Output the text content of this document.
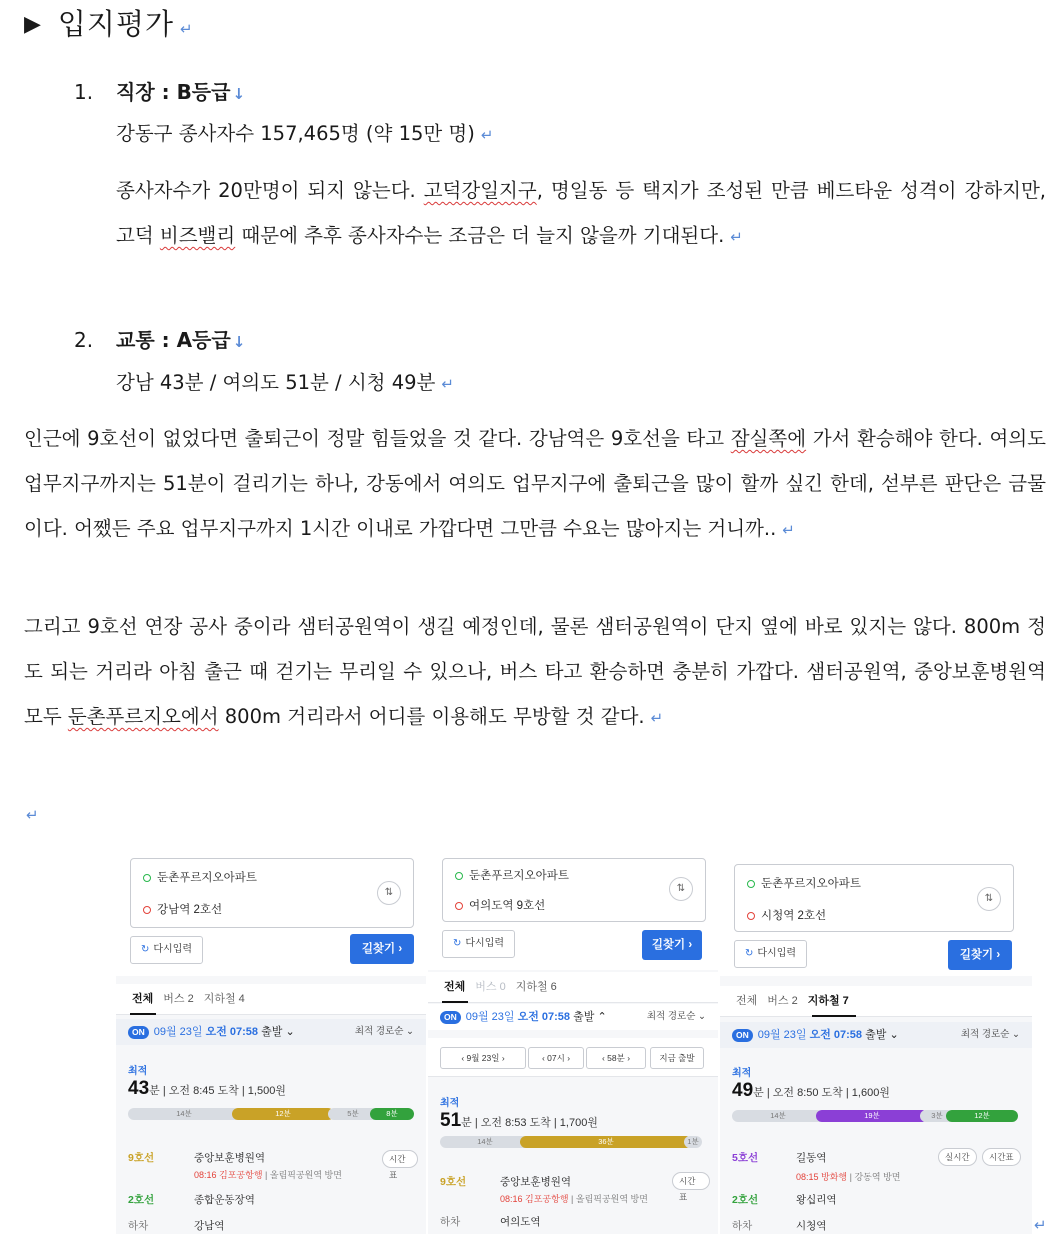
▶ 입지평가 ↵
1. 직장 : B등급 ↓
강동구 종사자수 157,465명 (약 15만 명) ↵
종사자수가 20만명이 되지 않는다. 고덕강일지구, 명일동 등 택지가 조성된 만큼 베드타운 성격이 강하지만, 고덕 비즈밸리 때문에 추후 종사자수는 조금은 더 늘지 않을까 기대된다. ↵
2. 교통 : A등급 ↓
강남 43분 / 여의도 51분 / 시청 49분 ↵
인근에 9호선이 없었다면 출퇴근이 정말 힘들었을 것 같다. 강남역은 9호선을 타고 잠실쪽에 가서 환승해야 한다. 여의도 업무지구까지는 51분이 걸리기는 하나, 강동에서 여의도 업무지구에 출퇴근을 많이 할까 싶긴 한데, 섣부른 판단은 금물이다. 어쨌든 주요 업무지구까지 1시간 이내로 가깝다면 그만큼 수요는 많아지는 거니까.. ↵
그리고 9호선 연장 공사 중이라 샘터공원역이 생길 예정인데, 물론 샘터공원역이 단지 옆에 바로 있지는 않다. 800m 정도 되는 거리라 아침 출근 때 걷기는 무리일 수 있으나, 버스 타고 환승하면 충분히 가깝다. 샘터공원역, 중앙보훈병원역 모두 둔촌푸르지오에서 800m 거리라서 어디를 이용해도 무방할 것 같다. ↵
↵
둔촌푸르지오아파트
강남역 2호선
⇅
↻ 다시입력	길찾기 ›
전체 버스 2 지하철 4
ON 09월 23일 오전 07:58 출발 ⌄	최적 경로순 ⌄
최적
43분 | 오전 8:45 도착 | 1,500원
14분	12분	5분	8분
9호선	중앙보훈병원역
08:16 김포공항행 | 올림픽공원역 방면
시간표
2호선	종합운동장역
하차	강남역
둔촌푸르지오아파트
여의도역 9호선
⇅
↻ 다시입력	길찾기 ›
전체 버스 0 지하철 6
ON 09월 23일 오전 07:58 출발 ⌃	최적 경로순 ⌄
‹ 9월 23일 ›	‹ 07시 ›	‹ 58분 ›	지금 출발
최적
51분 | 오전 8:53 도착 | 1,700원
14분	36분	1분
9호선	중앙보훈병원역
08:16 김포공항행 | 올림픽공원역 방면
시간표
하차	여의도역
둔촌푸르지오아파트
시청역 2호선
⇅
↻ 다시입력	길찾기 ›
전체 버스 2 지하철 7
ON 09월 23일 오전 07:58 출발 ⌄	최적 경로순 ⌄
최적
49분 | 오전 8:50 도착 | 1,600원
14분	19분	3분	12분
5호선	길동역
08:15 방화행 | 강동역 방면
실시간	시간표
2호선	왕십리역
하차	시청역	↵
